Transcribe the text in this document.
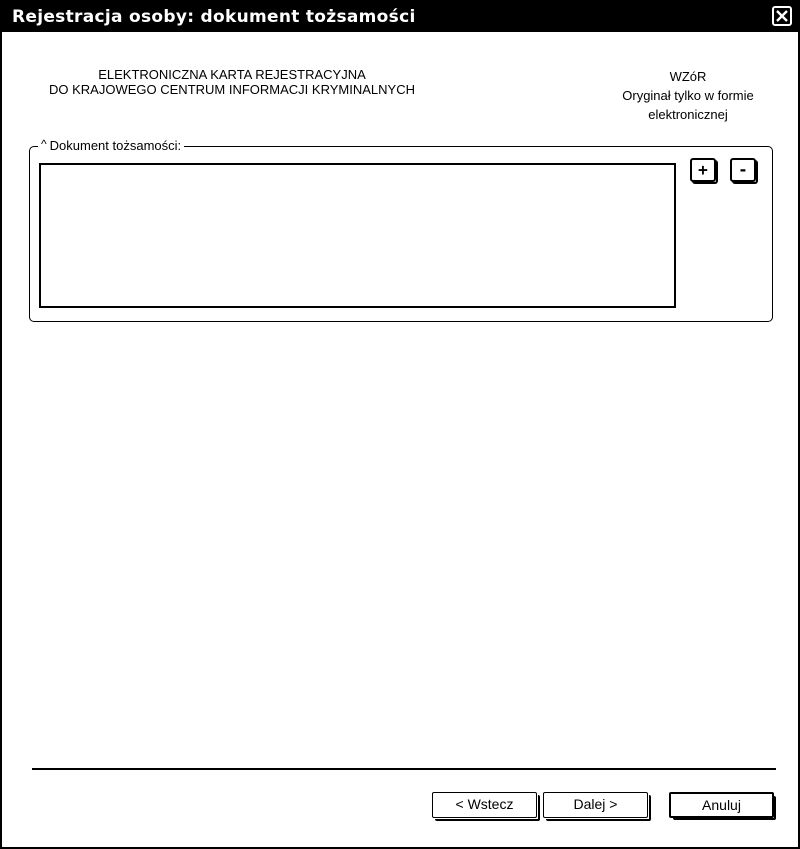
Rejestracja osoby: dokument tożsamości
ELEKTRONICZNA KARTA REJESTRACYJNA
DO KRAJOWEGO CENTRUM INFORMACJI KRYMINALNYCH
WZóR
Oryginał tylko w formie
elektronicznej
^ Dokument tożsamości:
+	-
< Wstecz	Dalej >	Anuluj
